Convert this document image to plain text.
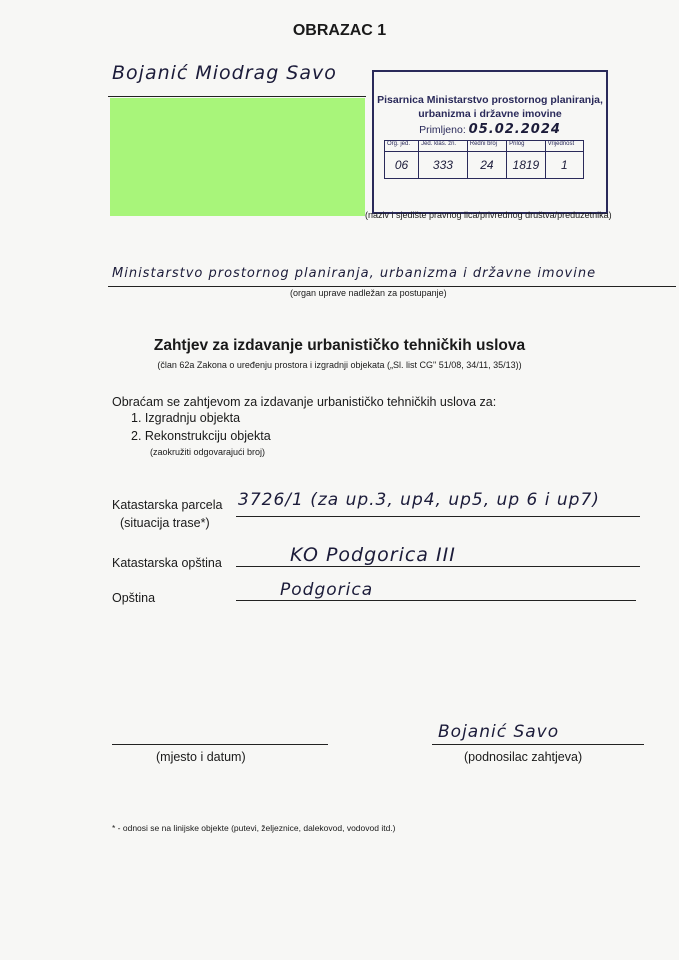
OBRAZAC 1
Bojanić Miodrag Savo
Pisarnica Ministarstvo prostornog planiranja,
urbanizma i državne imovine
Primljeno: 05.02.2024
Org. jed.	Jed. klas. zn.	Redni broj	Prilog	Vrijednost
06	333	24	1819	1
(naziv i sjedište pravnog lica/privrednog društva/preduzetnika)
Ministarstvo prostornog planiranja, urbanizma i državne imovine
(organ uprave nadležan za postupanje)
Zahtjev za izdavanje urbanističko tehničkih uslova
(član 62a Zakona o uređenju prostora i izgradnji objekata („Sl. list CG" 51/08, 34/11, 35/13))
Obraćam se zahtjevom za izdavanje urbanističko tehničkih uslova za:
1. Izgradnju objekta
2. Rekonstrukciju objekta
(zaokružiti odgovarajući broj)
Katastarska parcela
(situacija trase*)
3726/1 (za up.3, up4, up5, up 6 i up7)
Katastarska opština	KO Podgorica III
Opština	Podgorica
(mjesto i datum)
Bojanić Savo
(podnosilac zahtjeva)
* - odnosi se na linijske objekte (putevi, željeznice, dalekovod, vodovod itd.)
